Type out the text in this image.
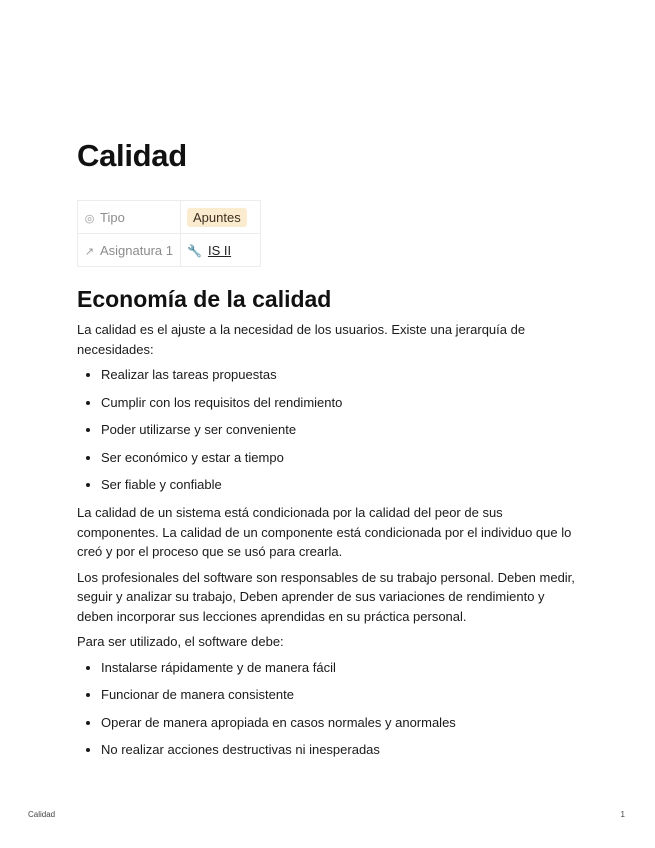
Calidad
◎ Tipo	Apuntes
↗ Asignatura 1	🔧 IS II
Economía de la calidad

La calidad es el ajuste a la necesidad de los usuarios. Existe una jerarquía de necesidades:

• Realizar las tareas propuestas
• Cumplir con los requisitos del rendimiento
• Poder utilizarse y ser conveniente
• Ser económico y estar a tiempo
• Ser fiable y confiable

La calidad de un sistema está condicionada por la calidad del peor de sus componentes. La calidad de un componente está condicionada por el individuo que lo creó y por el proceso que se usó para crearla.

Los profesionales del software son responsables de su trabajo personal. Deben medir, seguir y analizar su trabajo, Deben aprender de sus variaciones de rendimiento y deben incorporar sus lecciones aprendidas en su práctica personal.

Para ser utilizado, el software debe:

• Instalarse rápidamente y de manera fácil
• Funcionar de manera consistente
• Operar de manera apropiada en casos normales y anormales
• No realizar acciones destructivas ni inesperadas
Calidad	1
